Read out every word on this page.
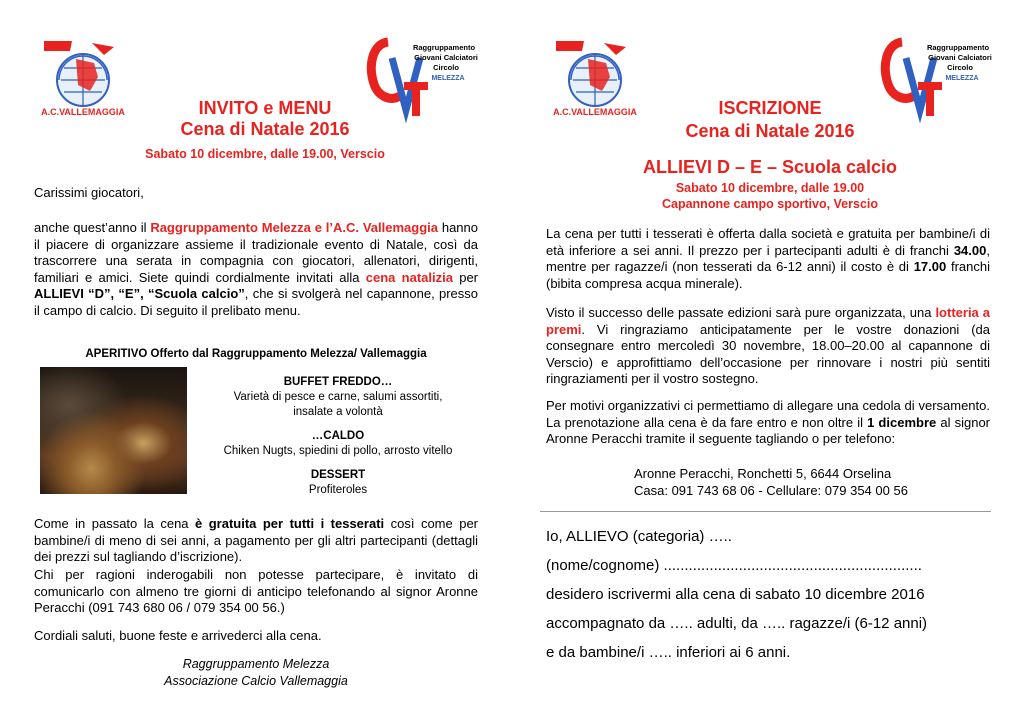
A.C.VALLEMAGGIA
Raggruppamento
Giovani Calciatori
Circolo
MELEZZA
INVITO e MENU
Cena di Natale 2016
Sabato 10 dicembre, dalle 19.00, Verscio
Carissimi giocatori,
anche quest’anno il Raggruppamento Melezza e l’A.C. Vallemaggia hanno il piacere di organizzare assieme il tradizionale evento di Natale, così da trascorrere una serata in compagnia con giocatori, allenatori, dirigenti, familiari e amici. Siete quindi cordialmente invitati alla cena natalizia per ALLIEVI “D”, “E”, “Scuola calcio”, che si svolgerà nel capannone, presso il campo di calcio. Di seguito il prelibato menu.
APERITIVO Offerto dal Raggruppamento Melezza/ Vallemaggia
BUFFET FREDDO…
Varietà di pesce e carne, salumi assortiti, insalate a volontà
…CALDO
Chiken Nugts, spiedini di pollo, arrosto vitello
DESSERT
Profiteroles
Come in passato la cena è gratuita per tutti i tesserati così come per bambine/i di meno di sei anni, a pagamento per gli altri partecipanti (dettagli dei prezzi sul tagliando d’iscrizione).
Chi per ragioni inderogabili non potesse partecipare, è invitato di comunicarlo con almeno tre giorni di anticipo telefonando al signor Aronne Peracchi (091 743 680 06 / 079 354 00 56.)
Cordiali saluti, buone feste e arrivederci alla cena.
Raggruppamento Melezza
Associazione Calcio Vallemaggia
A.C.VALLEMAGGIA
Raggruppamento
Giovani Calciatori
Circolo
MELEZZA
ISCRIZIONE
Cena di Natale 2016
ALLIEVI D – E – Scuola calcio
Sabato 10 dicembre, dalle 19.00
Capannone campo sportivo, Verscio
La cena per tutti i tesserati è offerta dalla società e gratuita per bambine/i di età inferiore a sei anni. Il prezzo per i partecipanti adulti è di franchi 34.00, mentre per ragazze/i (non tesserati da 6-12 anni) il costo è di 17.00 franchi (bibita compresa acqua minerale).
Visto il successo delle passate edizioni sarà pure organizzata, una lotteria a premi. Vi ringraziamo anticipatamente per le vostre donazioni (da consegnare entro mercoledì 30 novembre, 18.00–20.00 al capannone di Verscio) e approfittiamo dell’occasione per rinnovare i nostri più sentiti ringraziamenti per il vostro sostegno.
Per motivi organizzativi ci permettiamo di allegare una cedola di versamento. La prenotazione alla cena è da fare entro e non oltre il 1 dicembre al signor Aronne Peracchi tramite il seguente tagliando o per telefono:
Aronne Peracchi, Ronchetti 5, 6644 Orselina
Casa: 091 743 68 06 - Cellulare: 079 354 00 56
Io, ALLIEVO (categoria) …..
(nome/cognome) ..............................................................
desidero iscrivermi alla cena di sabato 10 dicembre 2016
accompagnato da ….. adulti, da ….. ragazze/i (6-12 anni)
e da bambine/i ….. inferiori ai 6 anni.
